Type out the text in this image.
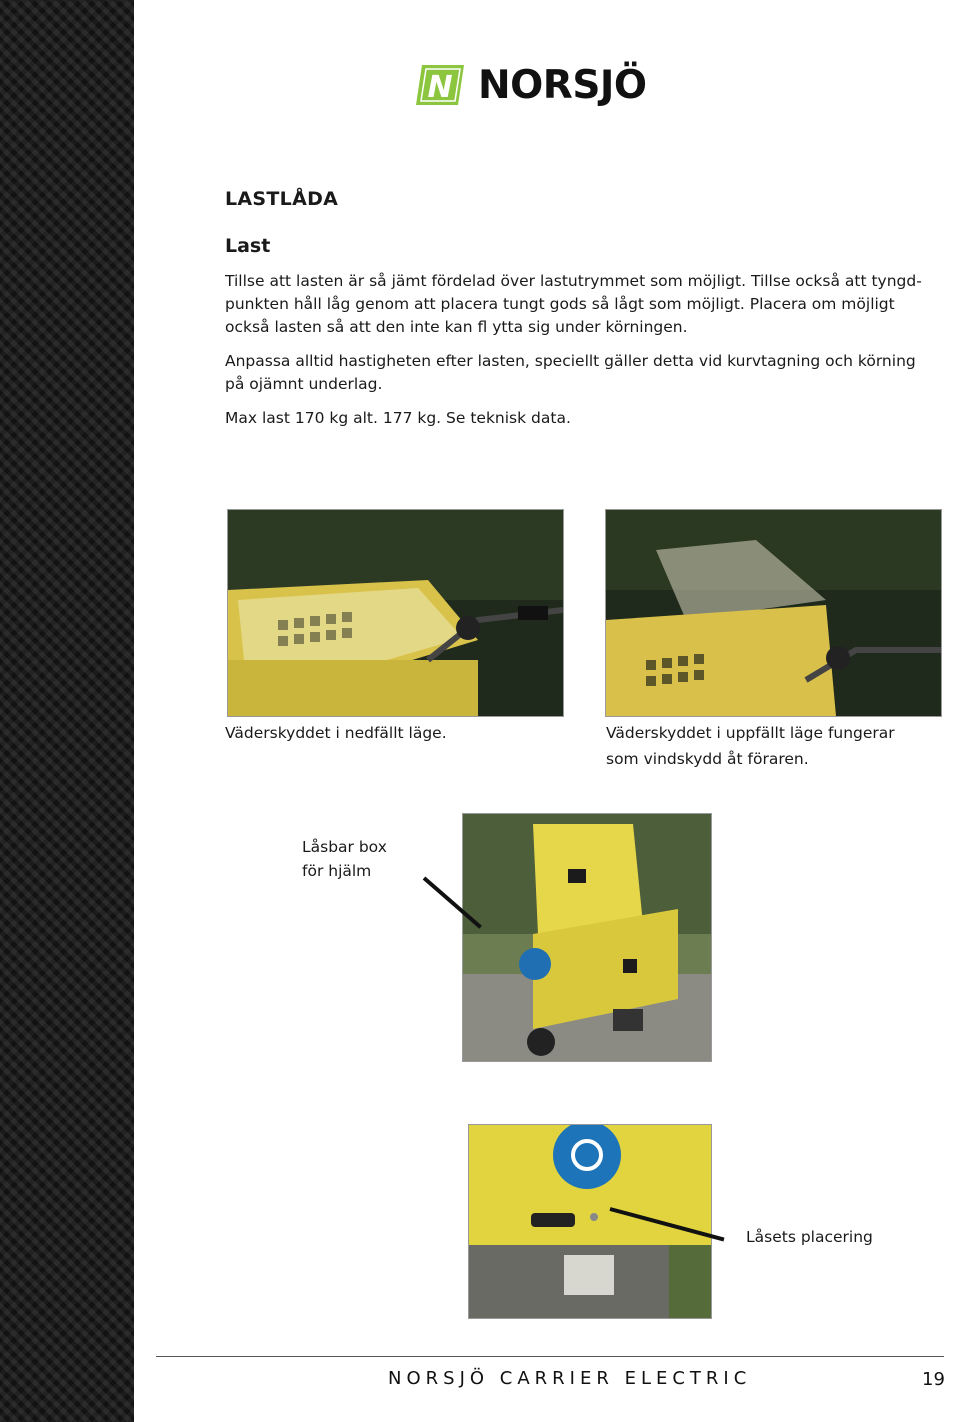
N NORSJÖ
LASTLÅDA
Last

Tillse att lasten är så jämt fördelad över lastutrymmet som möjligt. Tillse också att tyngd-
punkten håll låg genom att placera tungt gods så lågt som möjligt. Placera om möjligt
också lasten så att den inte kan fl ytta sig under körningen.

Anpassa alltid hastigheten efter lasten, speciellt gäller detta vid kurvtagning och körning
på ojämnt underlag.

Max last 170 kg alt. 177 kg. Se teknisk data.

Väderskyddet i nedfällt läge.	Väderskyddet i uppfällt läge fungerar
som vindskydd åt föraren.

Låsbar box
för hjälm

Låsets placering

NORSJÖ CARRIER ELECTRIC	19
